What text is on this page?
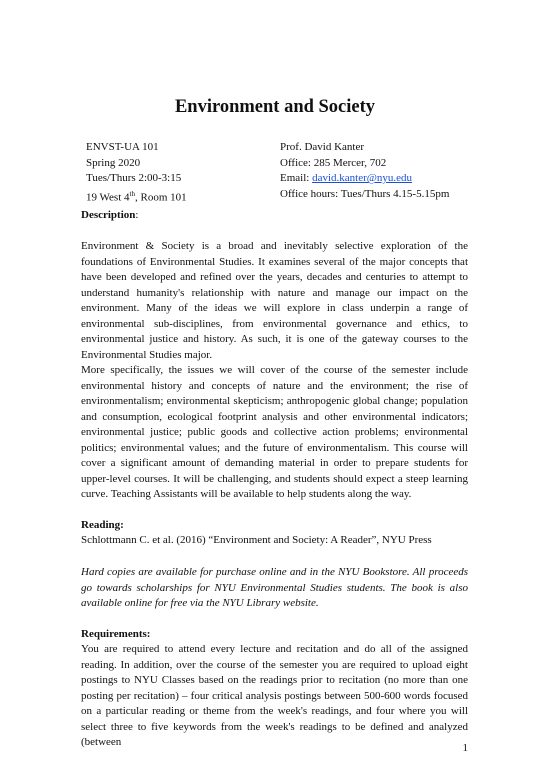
Environment and Society
ENVST-UA 101	Prof. David Kanter
Spring 2020	Office: 285 Mercer, 702
Tues/Thurs 2:00-3:15	Email: david.kanter@nyu.edu
19 West 4th, Room 101	Office hours: Tues/Thurs 4.15-5.15pm
Description:
Environment & Society is a broad and inevitably selective exploration of the foundations of Environmental Studies. It examines several of the major concepts that have been developed and refined over the years, decades and centuries to attempt to understand humanity's relationship with nature and manage our impact on the environment. Many of the ideas we will explore in class underpin a range of environmental sub-disciplines, from environmental governance and ethics, to environmental justice and history. As such, it is one of the gateway courses to the Environmental Studies major.
More specifically, the issues we will cover of the course of the semester include environmental history and concepts of nature and the environment; the rise of environmentalism; environmental skepticism; anthropogenic global change; population and consumption, ecological footprint analysis and other environmental indicators; environmental justice; public goods and collective action problems; environmental politics; environmental values; and the future of environmentalism. This course will cover a significant amount of demanding material in order to prepare students for upper-level courses. It will be challenging, and students should expect a steep learning curve. Teaching Assistants will be available to help students along the way.
Reading:
Schlottmann C. et al. (2016) “Environment and Society: A Reader”, NYU Press
Hard copies are available for purchase online and in the NYU Bookstore. All proceeds go towards scholarships for NYU Environmental Studies students. The book is also available online for free via the NYU Library website.
Requirements:
You are required to attend every lecture and recitation and do all of the assigned reading. In addition, over the course of the semester you are required to upload eight postings to NYU Classes based on the readings prior to recitation (no more than one posting per recitation) – four critical analysis postings between 500-600 words focused on a particular reading or theme from the week's readings, and four where you will select three to five keywords from the week's readings to be defined and analyzed (between	1
